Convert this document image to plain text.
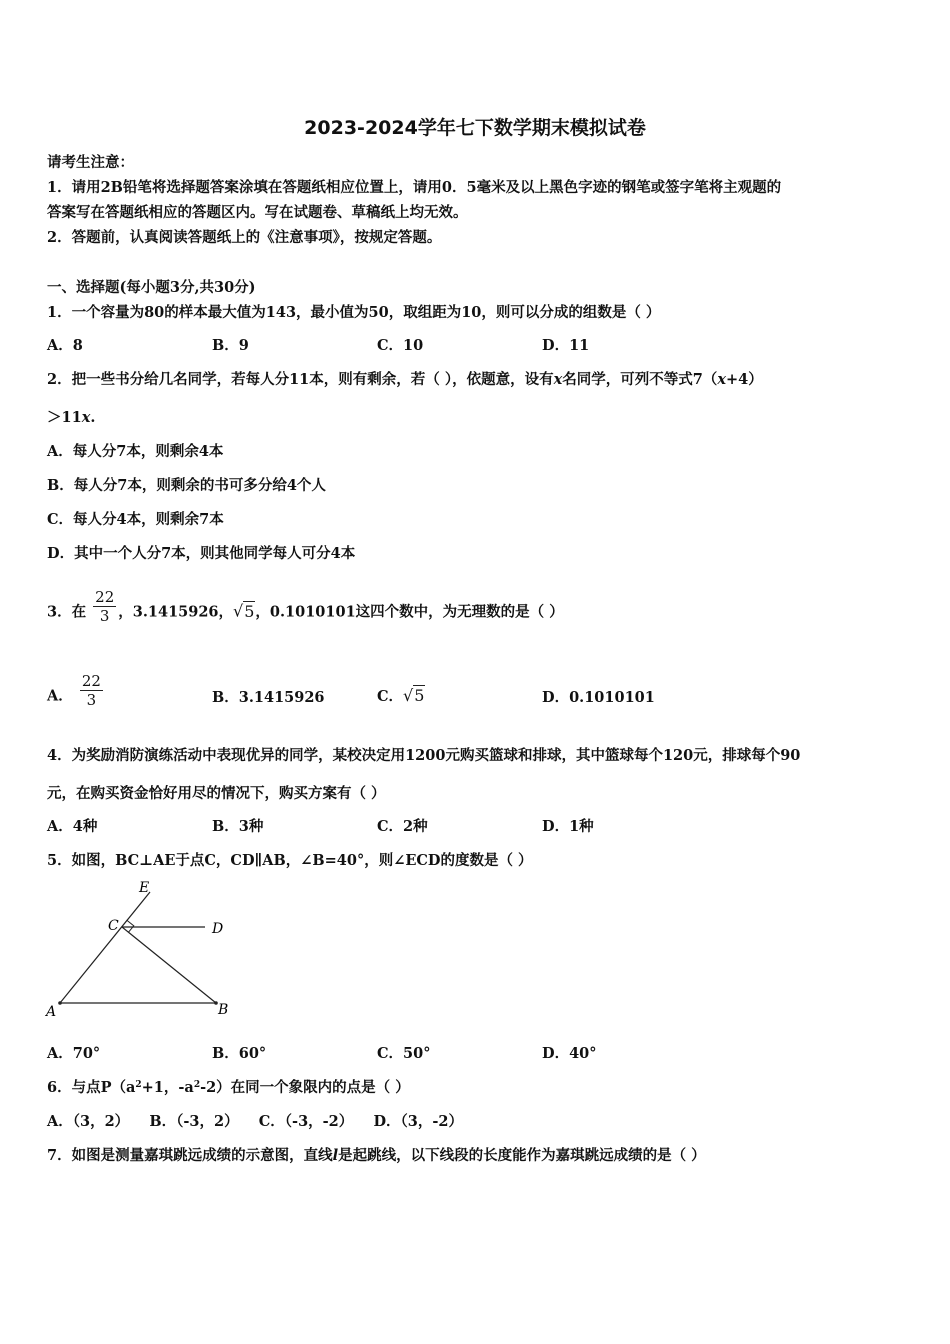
2023-2024学年七下数学期末模拟试卷
请考生注意：
1．请用2B铅笔将选择题答案涂填在答题纸相应位置上，请用0．5毫米及以上黑色字迹的钢笔或签字笔将主观题的
答案写在答题纸相应的答题区内。写在试题卷、草稿纸上均无效。
2．答题前，认真阅读答题纸上的《注意事项》，按规定答题。
一、选择题(每小题3分,共30分)
1．一个容量为80的样本最大值为143，最小值为50，取组距为10，则可以分成的组数是（ ）
A．8	B．9	C．10	D．11
2．把一些书分给几名同学，若每人分11本，则有剩余，若（ ），依题意，设有x名同学，可列不等式7（x+4）
＞11x.
A．每人分7本，则剩余4本
B．每人分7本，则剩余的书可多分给4个人
C．每人分4本，则剩余7本
D．其中一个人分7本，则其他同学每人可分4本
3．在 $\frac{22}{3}$ ，3.1415926，√5，0.1010101这四个数中，为无理数的是（ ）
A． $\frac{22}{3}$	B．3.1415926	C．√5	D．0.1010101
4．为奖励消防演练活动中表现优异的同学，某校决定用1200元购买篮球和排球，其中篮球每个120元，排球每个90
元，在购买资金恰好用尽的情况下，购买方案有（ ）
A．4种	B．3种	C．2种	D．1种
5．如图，BC⊥AE于点C，CD∥AB，∠B=40°，则∠ECD的度数是（ ）
E
C	D
A	B
A．70°	B．60°	C．50°	D．40°
6．与点$P(a^2+1$，$-a^2-2$）在同一个象限内的点是（ ）
A．（3，2）    B．（-3，2）    C．（-3，-2）    D．（3，-2）
7．如图是测量嘉琪跳远成绩的示意图，直线l是起跳线，以下线段的长度能作为嘉琪跳远成绩的是（ ）
